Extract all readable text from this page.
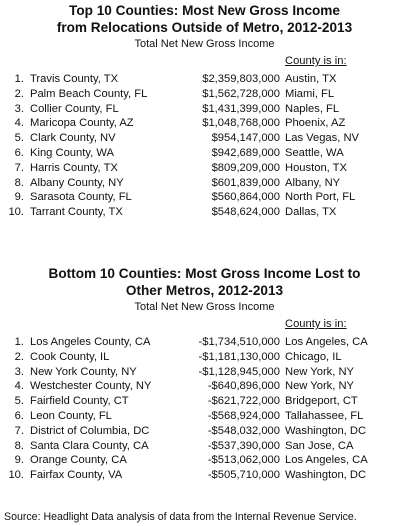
Top 10 Counties: Most New Gross Income
from Relocations Outside of Metro, 2012-2013
Total Net New Gross Income
County is in:
1. Travis County, TX	$2,359,803,000 Austin, TX
2. Palm Beach County, FL	$1,562,728,000 Miami, FL
3. Collier County, FL	$1,431,399,000 Naples, FL
4. Maricopa County, AZ	$1,048,768,000 Phoenix, AZ
5. Clark County, NV	$954,147,000 Las Vegas, NV
6. King County, WA	$942,689,000 Seattle, WA
7. Harris County, TX	$809,209,000 Houston, TX
8. Albany County, NY	$601,839,000 Albany, NY
9. Sarasota County, FL	$560,864,000 North Port, FL
10. Tarrant County, TX	$548,624,000 Dallas, TX
Bottom 10 Counties: Most Gross Income Lost to
Other Metros, 2012-2013
Total Net New Gross Income
County is in:
1. Los Angeles County, CA	-$1,734,510,000 Los Angeles, CA
2. Cook County, IL	-$1,181,130,000 Chicago, IL
3. New York County, NY	-$1,128,945,000 New York, NY
4. Westchester County, NY	-$640,896,000 New York, NY
5. Fairfield County, CT	-$621,722,000 Bridgeport, CT
6. Leon County, FL	-$568,924,000 Tallahassee, FL
7. District of Columbia, DC	-$548,032,000 Washington, DC
8. Santa Clara County, CA	-$537,390,000 San Jose, CA
9. Orange County, CA	-$513,062,000 Los Angeles, CA
10. Fairfax County, VA	-$505,710,000 Washington, DC
Source: Headlight Data analysis of data from the Internal Revenue Service.
